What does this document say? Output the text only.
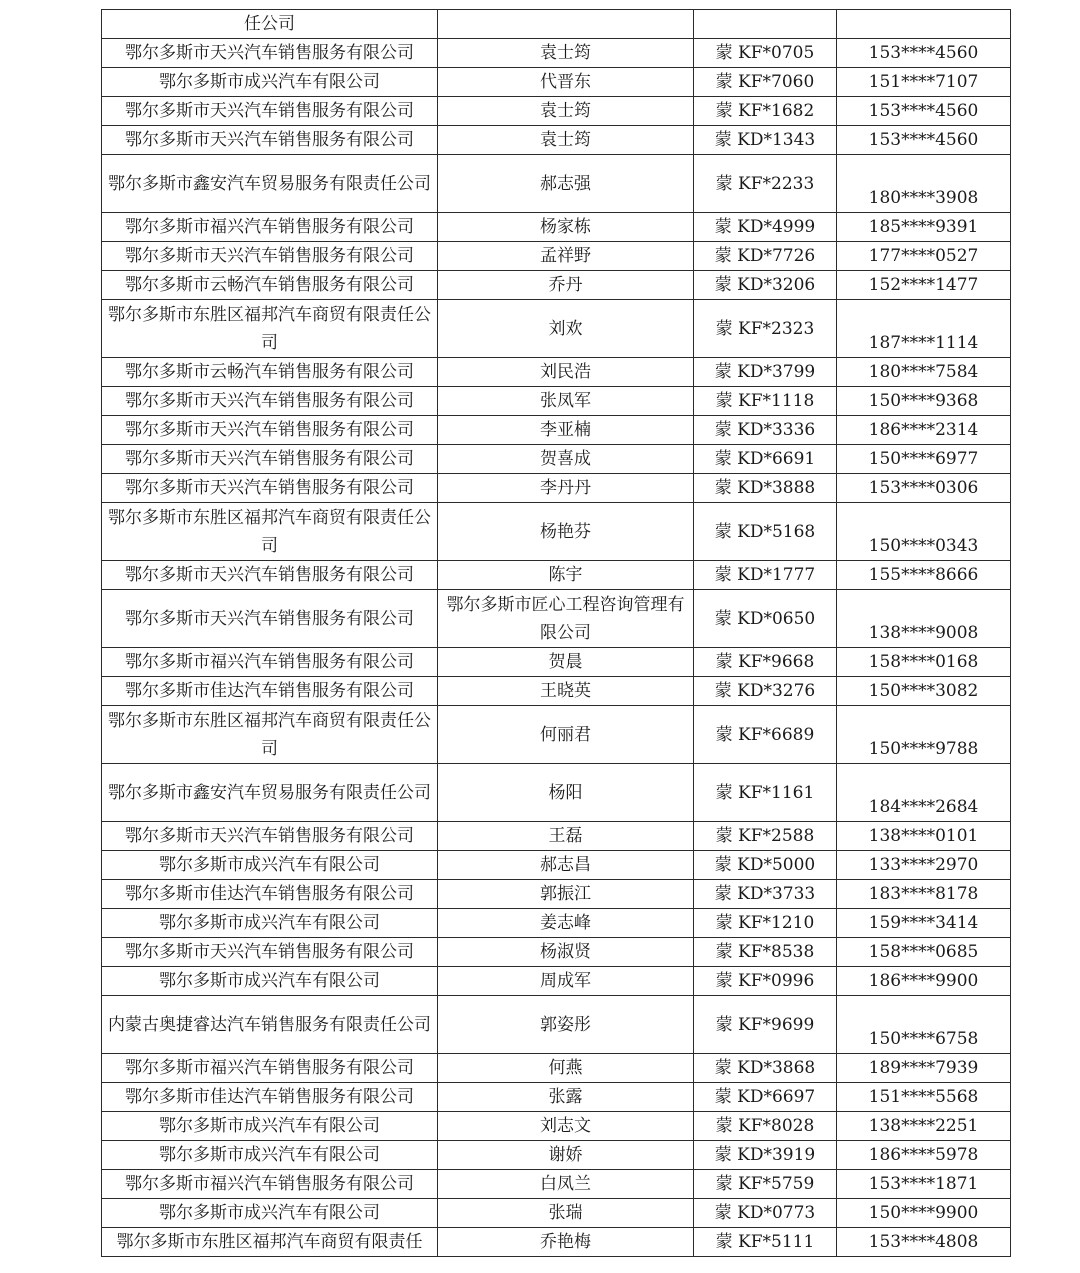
任公司			
鄂尔多斯市天兴汽车销售服务有限公司	袁士筠	蒙 KF*0705	153****4560
鄂尔多斯市成兴汽车有限公司	代晋东	蒙 KF*7060	151****7107
鄂尔多斯市天兴汽车销售服务有限公司	袁士筠	蒙 KF*1682	153****4560
鄂尔多斯市天兴汽车销售服务有限公司	袁士筠	蒙 KD*1343	153****4560
鄂尔多斯市鑫安汽车贸易服务有限责任公司	郝志强	蒙 KF*2233	180****3908
鄂尔多斯市福兴汽车销售服务有限公司	杨家栋	蒙 KD*4999	185****9391
鄂尔多斯市天兴汽车销售服务有限公司	孟祥野	蒙 KD*7726	177****0527
鄂尔多斯市云畅汽车销售服务有限公司	乔丹	蒙 KD*3206	152****1477
鄂尔多斯市东胜区福邦汽车商贸有限责任公司	刘欢	蒙 KF*2323	187****1114
鄂尔多斯市云畅汽车销售服务有限公司	刘民浩	蒙 KD*3799	180****7584
鄂尔多斯市天兴汽车销售服务有限公司	张凤军	蒙 KF*1118	150****9368
鄂尔多斯市天兴汽车销售服务有限公司	李亚楠	蒙 KD*3336	186****2314
鄂尔多斯市天兴汽车销售服务有限公司	贺喜成	蒙 KD*6691	150****6977
鄂尔多斯市天兴汽车销售服务有限公司	李丹丹	蒙 KD*3888	153****0306
鄂尔多斯市东胜区福邦汽车商贸有限责任公司	杨艳芬	蒙 KD*5168	150****0343
鄂尔多斯市天兴汽车销售服务有限公司	陈宇	蒙 KD*1777	155****8666
鄂尔多斯市天兴汽车销售服务有限公司	鄂尔多斯市匠心工程咨询管理有限公司	蒙 KD*0650	138****9008
鄂尔多斯市福兴汽车销售服务有限公司	贺晨	蒙 KF*9668	158****0168
鄂尔多斯市佳达汽车销售服务有限公司	王晓英	蒙 KD*3276	150****3082
鄂尔多斯市东胜区福邦汽车商贸有限责任公司	何丽君	蒙 KF*6689	150****9788
鄂尔多斯市鑫安汽车贸易服务有限责任公司	杨阳	蒙 KF*1161	184****2684
鄂尔多斯市天兴汽车销售服务有限公司	王磊	蒙 KF*2588	138****0101
鄂尔多斯市成兴汽车有限公司	郝志昌	蒙 KD*5000	133****2970
鄂尔多斯市佳达汽车销售服务有限公司	郭振江	蒙 KD*3733	183****8178
鄂尔多斯市成兴汽车有限公司	姜志峰	蒙 KF*1210	159****3414
鄂尔多斯市天兴汽车销售服务有限公司	杨淑贤	蒙 KF*8538	158****0685
鄂尔多斯市成兴汽车有限公司	周成军	蒙 KF*0996	186****9900
内蒙古奥捷睿达汽车销售服务有限责任公司	郭姿彤	蒙 KF*9699	150****6758
鄂尔多斯市福兴汽车销售服务有限公司	何燕	蒙 KD*3868	189****7939
鄂尔多斯市佳达汽车销售服务有限公司	张露	蒙 KD*6697	151****5568
鄂尔多斯市成兴汽车有限公司	刘志文	蒙 KF*8028	138****2251
鄂尔多斯市成兴汽车有限公司	谢娇	蒙 KD*3919	186****5978
鄂尔多斯市福兴汽车销售服务有限公司	白凤兰	蒙 KF*5759	153****1871
鄂尔多斯市成兴汽车有限公司	张瑞	蒙 KD*0773	150****9900
鄂尔多斯市东胜区福邦汽车商贸有限责任	乔艳梅	蒙 KF*5111	153****4808
